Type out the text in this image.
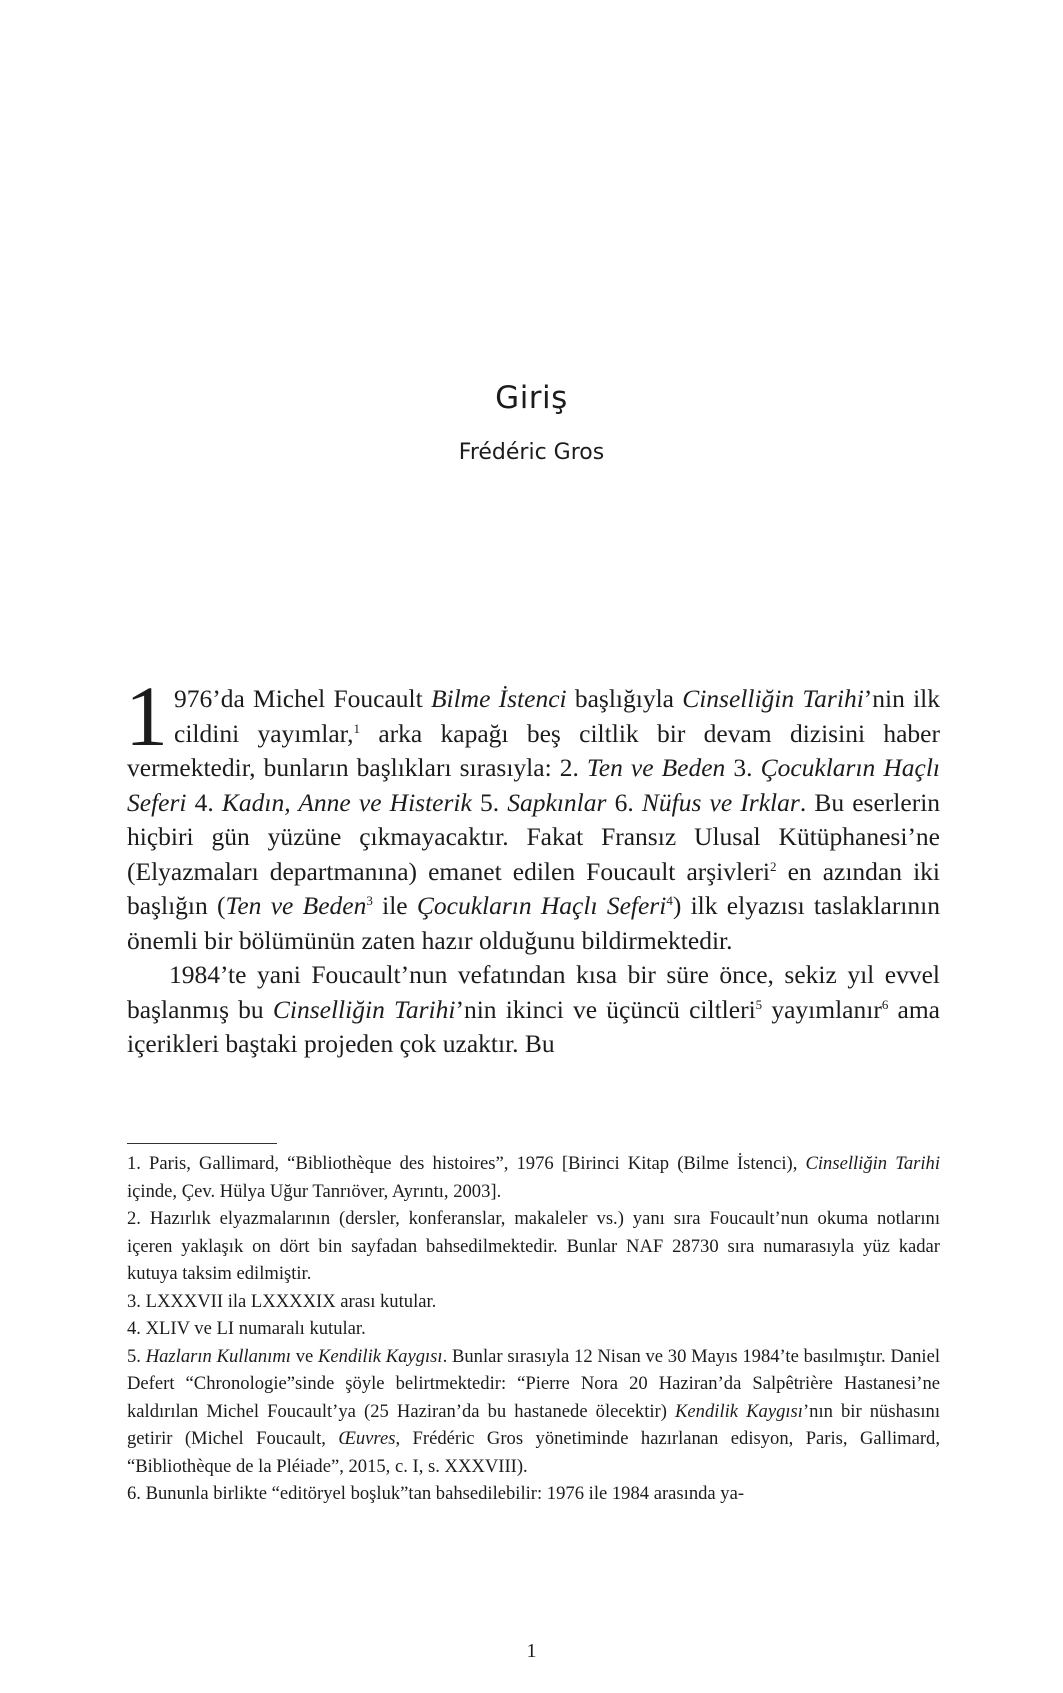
Giriş
Frédéric Gros

1 976’da Michel Foucault Bilme İstenci başlığıyla Cinselliğin Tarihi’nin ilk cildini yayımlar,$^1$ arka kapağı beş ciltlik bir devam dizisini haber vermektedir, bunların başlıkları sırasıyla: 2. Ten ve Beden 3. Çocukların Haçlı Seferi 4. Kadın, Anne ve Histerik 5. Sapkınlar 6. Nüfus ve Irklar. Bu eserlerin hiçbiri gün yüzüne çıkmayacaktır. Fakat Fransız Ulusal Kütüphanesi’ne (Elyazmaları departmanına) emanet edilen Foucault arşivleri$^2$ en azından iki başlığın (Ten ve Beden$^3$ ile Çocukların Haçlı Seferi$^4$) ilk elyazısı taslaklarının önemli bir bölümünün zaten hazır olduğunu bildirmektedir.

1984’te yani Foucault’nun vefatından kısa bir süre önce, sekiz yıl evvel başlanmış bu Cinselliğin Tarihi’nin ikinci ve üçüncü ciltleri$^5$ yayımlanır$^6$ ama içerikleri baştaki projeden çok uzaktır. Bu

1. Paris, Gallimard, “Bibliothèque des histoires”, 1976 [Birinci Kitap (Bilme İstenci), Cinselliğin Tarihi içinde, Çev. Hülya Uğur Tanrıöver, Ayrıntı, 2003].

2. Hazırlık elyazmalarının (dersler, konferanslar, makaleler vs.) yanı sıra Foucault’nun okuma notlarını içeren yaklaşık on dört bin sayfadan bahsedilmektedir. Bunlar NAF 28730 sıra numarasıyla yüz kadar kutuya taksim edilmiştir.

3. LXXXVII ila LXXXXIX arası kutular.

4. XLIV ve LI numaralı kutular.

5. Hazların Kullanımı ve Kendilik Kaygısı. Bunlar sırasıyla 12 Nisan ve 30 Mayıs 1984’te basılmıştır. Daniel Defert “Chronologie”sinde şöyle belirtmektedir: “Pierre Nora 20 Haziran’da Salpêtrière Hastanesi’ne kaldırılan Michel Foucault’ya (25 Haziran’da bu hastanede ölecektir) Kendilik Kaygısı’nın bir nüshasını getirir (Michel Foucault, Œuvres, Frédéric Gros yönetiminde hazırlanan edisyon, Paris, Gallimard, “Bibliothèque de la Pléiade”, 2015, c. I, s. XXXVIII).

6. Bununla birlikte “editöryel boşluk”tan bahsedilebilir: 1976 ile 1984 arasında ya-

1
